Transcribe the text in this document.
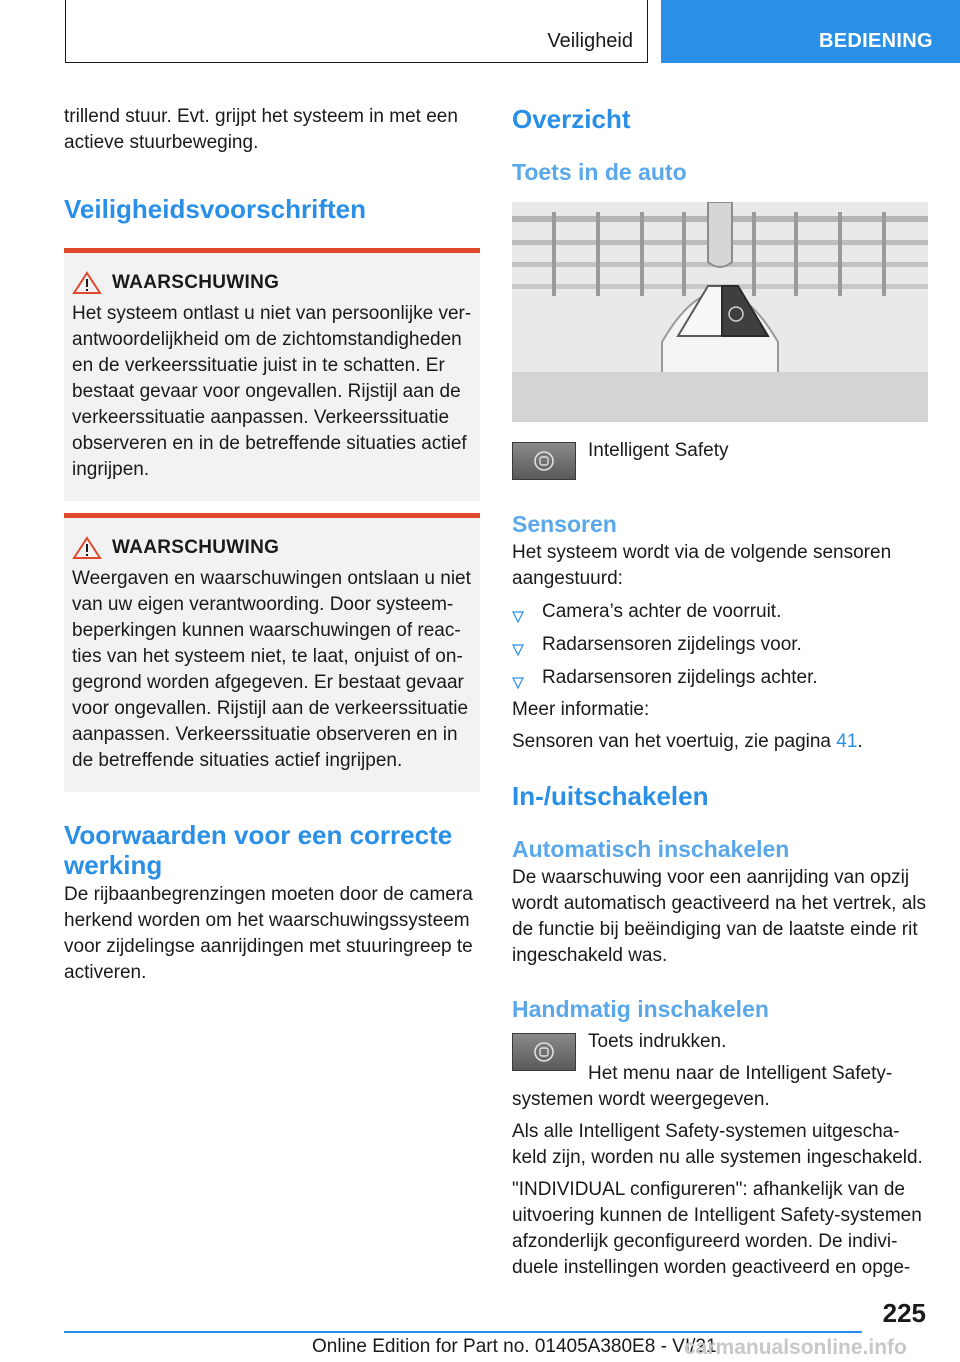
Veiligheid	BEDIENING

trillend stuur. Evt. grijpt het systeem in met een actieve stuurbeweging.

Veiligheidsvoorschriften
WAARSCHUWING

Het systeem ontlast u niet van persoonlijke verantwoordelijkheid om de zichtomstandigheden en de verkeerssituatie juist in te schatten. Er bestaat gevaar voor ongevallen. Rijstijl aan de verkeerssituatie aanpassen. Verkeerssituatie observeren en in de betreffende situaties actief ingrijpen.

WAARSCHUWING

Weergaven en waarschuwingen ontslaan u niet van uw eigen verantwoording. Door systeembeperkingen kunnen waarschuwingen of reacties van het systeem niet, te laat, onjuist of ongegrond worden afgegeven. Er bestaat gevaar voor ongevallen. Rijstijl aan de verkeerssituatie aanpassen. Verkeerssituatie observeren en in de betreffende situaties actief ingrijpen.

Voorwaarden voor een correcte werking

De rijbaanbegrenzingen moeten door de camera herkend worden om het waarschuwingssysteem voor zijdelingse aanrijdingen met stuuringreep te activeren.

Overzicht
Toets in de auto

Intelligent Safety

Sensoren

Het systeem wordt via de volgende sensoren aangestuurd:

Camera’s achter de voorruit.
Radarsensoren zijdelings voor.
Radarsensoren zijdelings achter.

Meer informatie:

Sensoren van het voertuig, zie pagina 41.

In-/uitschakelen
Automatisch inschakelen

De waarschuwing voor een aanrijding van opzij wordt automatisch geactiveerd na het vertrek, als de functie bij beëindiging van de laatste einde rit ingeschakeld was.

Handmatig inschakelen

Toets indrukken.

Het menu naar de Intelligent Safety-

systemen wordt weergegeven.

Als alle Intelligent Safety-systemen uitgeschakeld zijn, worden nu alle systemen ingeschakeld.

"INDIVIDUAL configureren": afhankelijk van de uitvoering kunnen de Intelligent Safety-systemen afzonderlijk geconfigureerd worden. De individuele instellingen worden geactiveerd en opge-

225
Online Edition for Part no. 01405A380E8 - VI/21
carmanualsonline.info
